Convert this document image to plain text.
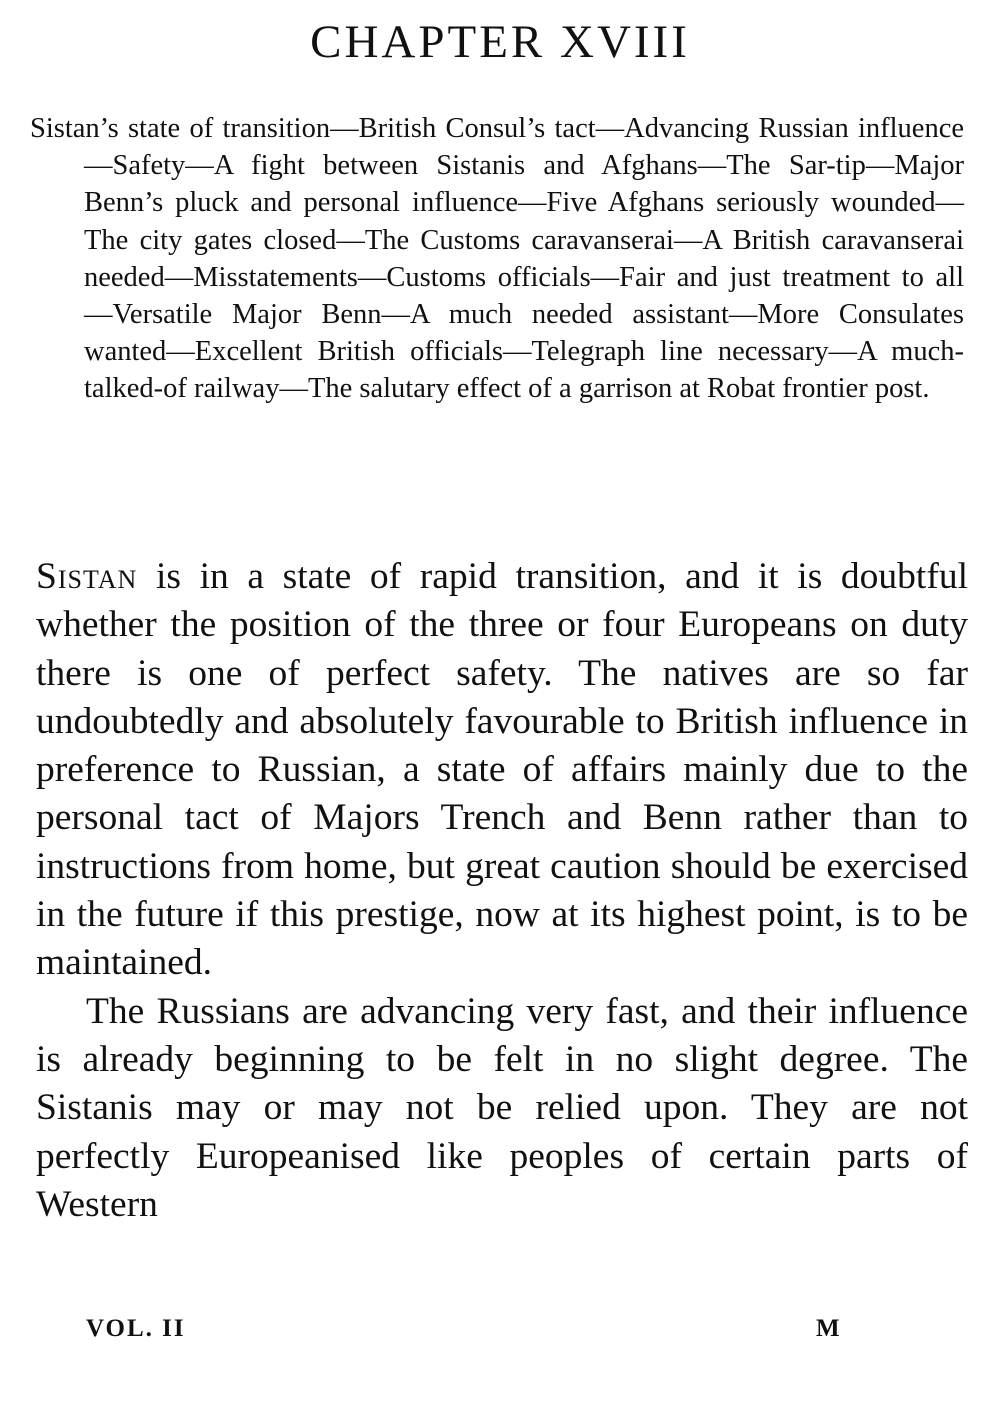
CHAPTER XVIII

Sistan’s state of transition—British Consul’s tact—Advancing Russian influence—Safety—A fight between Sistanis and Afghans—The Sar-tip—Major Benn’s pluck and personal influence—Five Afghans seriously wounded—The city gates closed—The Customs caravanserai—A British caravanserai needed—Misstatements—Customs officials—Fair and just treatment to all—Versatile Major Benn—A much needed assistant—More Consulates wanted—Excellent British officials—Telegraph line necessary—A much-talked-of railway—The salutary effect of a garrison at Robat frontier post.

Sistan is in a state of rapid transition, and it is doubtful whether the position of the three or four Europeans on duty there is one of perfect safety. The natives are so far undoubtedly and absolutely favourable to British influence in preference to Russian, a state of affairs mainly due to the personal tact of Majors Trench and Benn rather than to instructions from home, but great caution should be exercised in the future if this prestige, now at its highest point, is to be maintained.

The Russians are advancing very fast, and their influence is already beginning to be felt in no slight degree. The Sistanis may or may not be relied upon. They are not perfectly Europeanised like peoples of certain parts of Western

VOL. II	M
